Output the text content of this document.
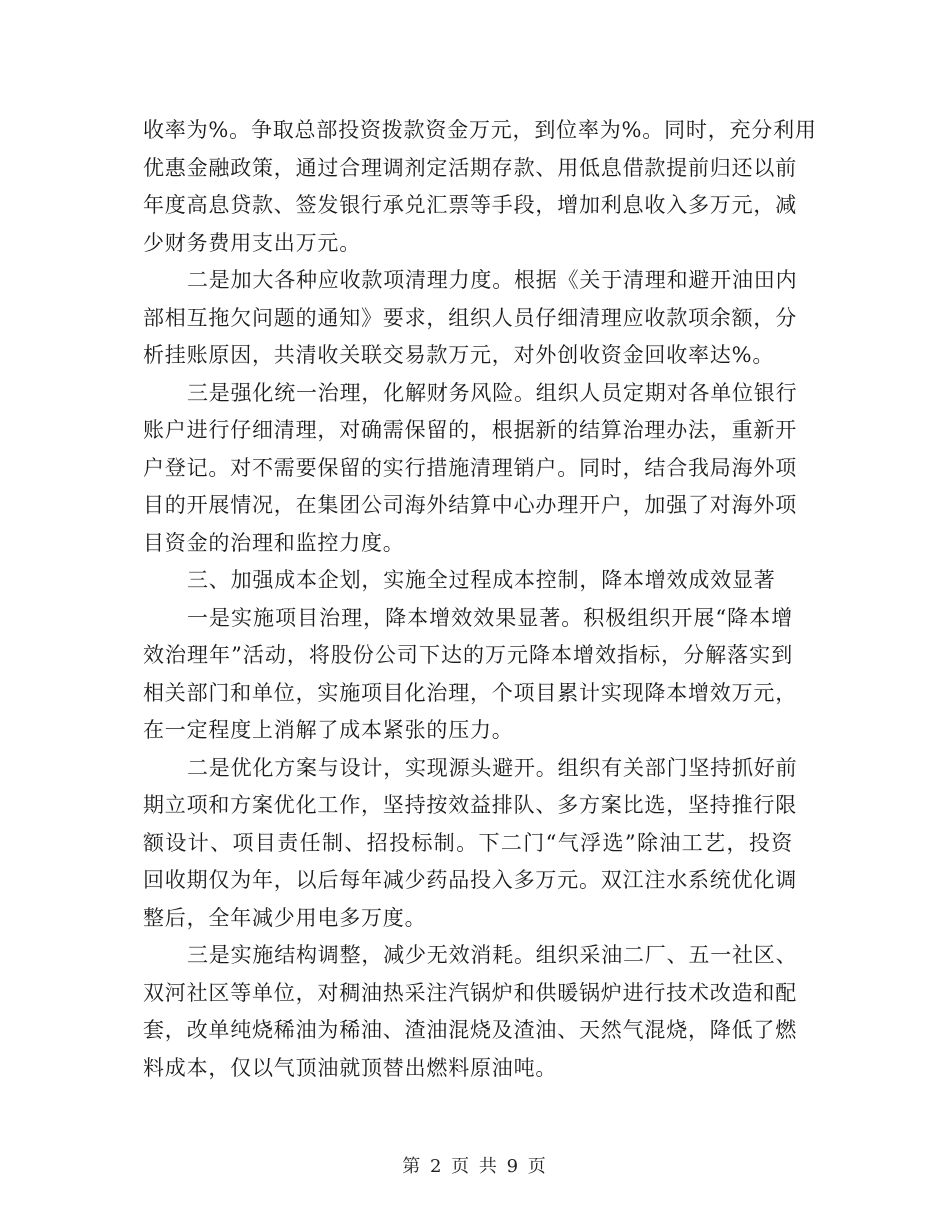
收率为%。争取总部投资拨款资金万元，到位率为%。同时，充分利用
优惠金融政策，通过合理调剂定活期存款、用低息借款提前归还以前
年度高息贷款、签发银行承兑汇票等手段，增加利息收入多万元，减
少财务费用支出万元。
二是加大各种应收款项清理力度。根据《关于清理和避开油田内
部相互拖欠问题的通知》要求，组织人员仔细清理应收款项余额，分
析挂账原因，共清收关联交易款万元，对外创收资金回收率达%。
三是强化统一治理，化解财务风险。组织人员定期对各单位银行
账户进行仔细清理，对确需保留的，根据新的结算治理办法，重新开
户登记。对不需要保留的实行措施清理销户。同时，结合我局海外项
目的开展情况，在集团公司海外结算中心办理开户，加强了对海外项
目资金的治理和监控力度。
三、加强成本企划，实施全过程成本控制，降本增效成效显著
一是实施项目治理，降本增效效果显著。积极组织开展“降本增
效治理年”活动，将股份公司下达的万元降本增效指标，分解落实到
相关部门和单位，实施项目化治理，个项目累计实现降本增效万元，
在一定程度上消解了成本紧张的压力。
二是优化方案与设计，实现源头避开。组织有关部门坚持抓好前
期立项和方案优化工作，坚持按效益排队、多方案比选，坚持推行限
额设计、项目责任制、招投标制。下二门“气浮选”除油工艺，投资
回收期仅为年，以后每年减少药品投入多万元。双江注水系统优化调
整后，全年减少用电多万度。
三是实施结构调整，减少无效消耗。组织采油二厂、五一社区、
双河社区等单位，对稠油热采注汽锅炉和供暖锅炉进行技术改造和配
套，改单纯烧稀油为稀油、渣油混烧及渣油、天然气混烧，降低了燃
料成本，仅以气顶油就顶替出燃料原油吨。
第 2 页 共 9 页
